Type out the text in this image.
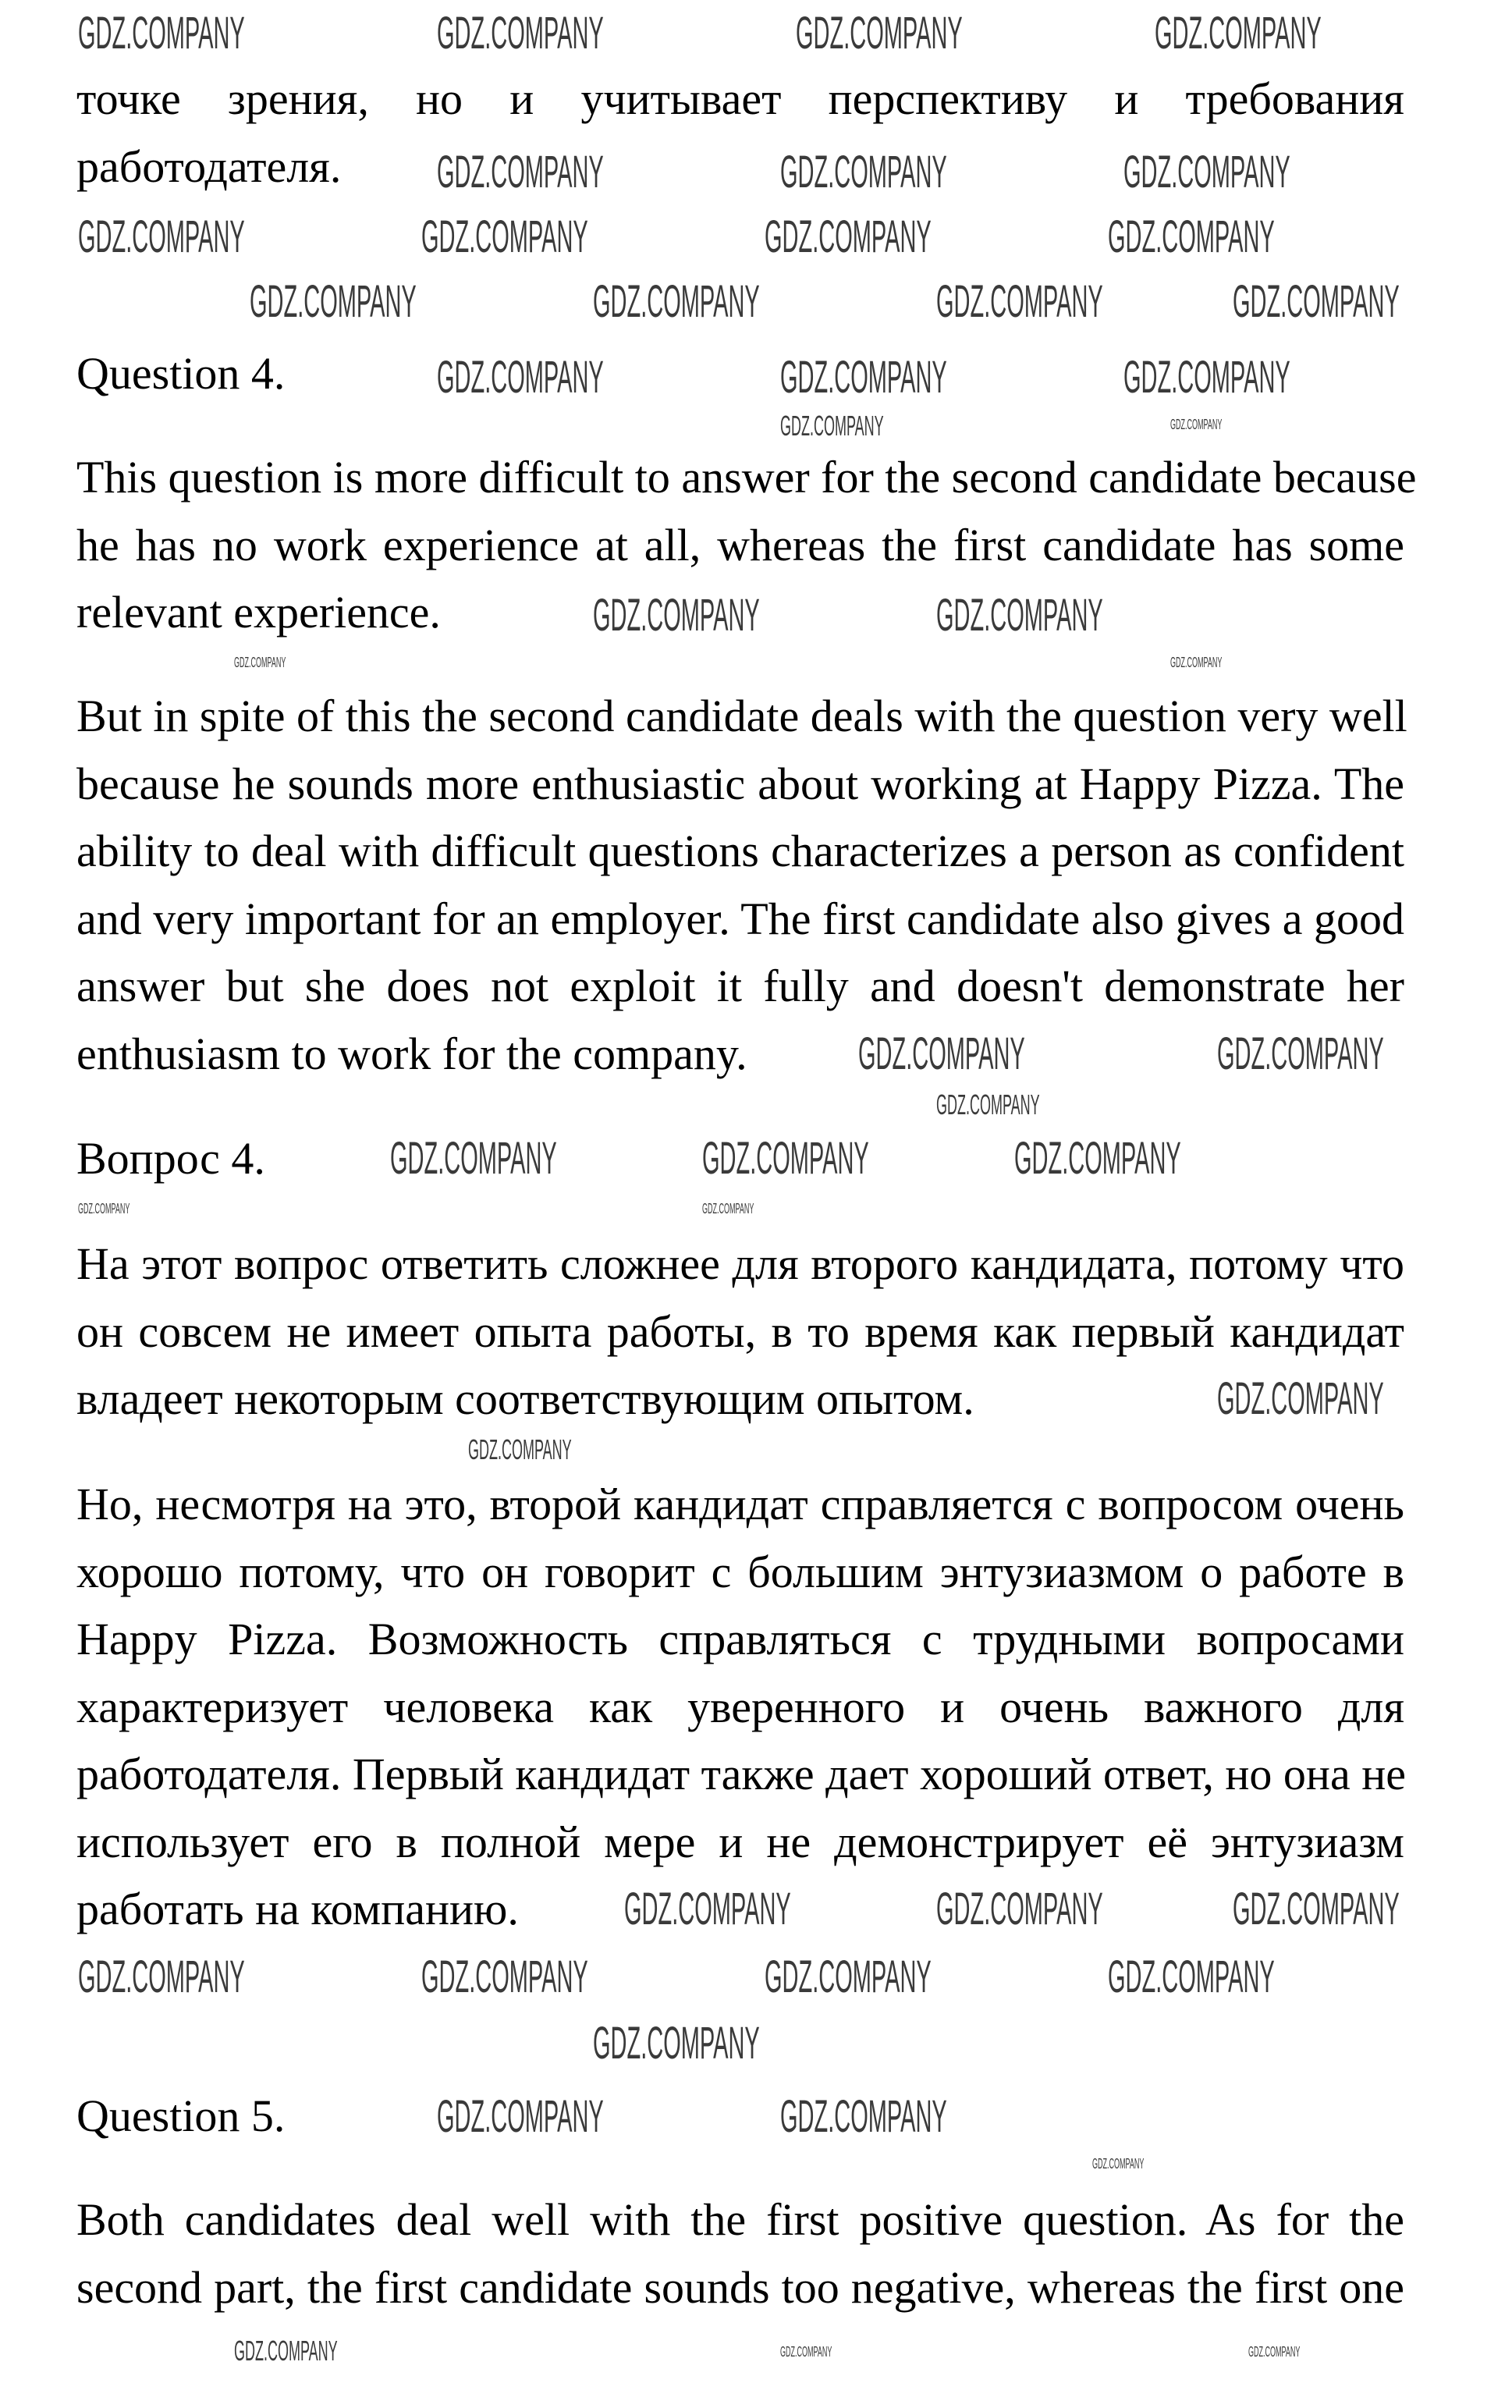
точке зрения, но и учитывает перспективу и требования
работодателя.
Question 4.
This question is more difficult to answer for the second candidate because
he has no work experience at all, whereas the first candidate has some
relevant experience.
But in spite of this the second candidate deals with the question very well
because he sounds more enthusiastic about working at Happy Pizza. The
ability to deal with difficult questions characterizes a person as confident
and very important for an employer. The first candidate also gives a good
answer but she does not exploit it fully and doesn't demonstrate her
enthusiasm to work for the company.
Вопрос 4.
На этот вопрос ответить сложнее для второго кандидата, потому что
он совсем не имеет опыта работы, в то время как первый кандидат
владеет некоторым соответствующим опытом.
Но, несмотря на это, второй кандидат справляется с вопросом очень
хорошо потому, что он говорит с большим энтузиазмом о работе в
Happy Pizza. Возможность справляться с трудными вопросами
характеризует человека как уверенного и очень важного для
работодателя. Первый кандидат также дает хороший ответ, но она не
использует его в полной мере и не демонстрирует её энтузиазм
работать на компанию.
Question 5.
Both candidates deal well with the first positive question. As for the
second part, the first candidate sounds too negative, whereas the first one
GDZ.COMPANY	GDZ.COMPANY	GDZ.COMPANY	GDZ.COMPANY
GDZ.COMPANY	GDZ.COMPANY	GDZ.COMPANY
GDZ.COMPANY	GDZ.COMPANY	GDZ.COMPANY	GDZ.COMPANY
GDZ.COMPANY	GDZ.COMPANY	GDZ.COMPANY	GDZ.COMPANY
GDZ.COMPANY	GDZ.COMPANY	GDZ.COMPANY
GDZ.COMPANY	GDZ.COMPANY
GDZ.COMPANY	GDZ.COMPANY
GDZ.COMPANY	GDZ.COMPANY
GDZ.COMPANY	GDZ.COMPANY
GDZ.COMPANY
GDZ.COMPANY	GDZ.COMPANY	GDZ.COMPANY
GDZ.COMPANY	GDZ.COMPANY
GDZ.COMPANY
GDZ.COMPANY
GDZ.COMPANY	GDZ.COMPANY	GDZ.COMPANY
GDZ.COMPANY	GDZ.COMPANY	GDZ.COMPANY	GDZ.COMPANY
GDZ.COMPANY
GDZ.COMPANY	GDZ.COMPANY
GDZ.COMPANY
GDZ.COMPANY	GDZ.COMPANY	GDZ.COMPANY
